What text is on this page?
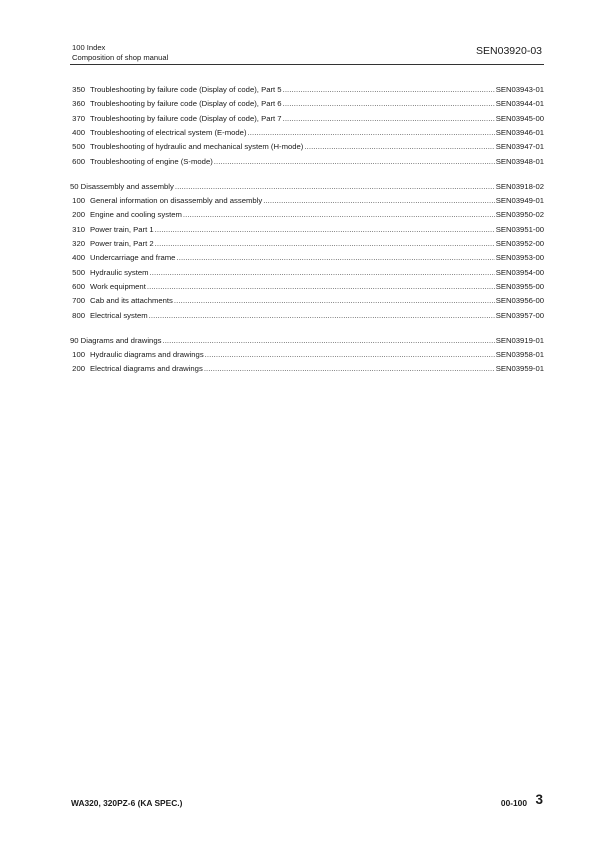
100 Index
Composition of shop manual	SEN03920-03
350 Troubleshooting by failure code (Display of code), Part 5 .....	SEN03943-01
360 Troubleshooting by failure code (Display of code), Part 6 .....	SEN03944-01
370 Troubleshooting by failure code (Display of code), Part 7 .....	SEN03945-00
400 Troubleshooting of electrical system (E-mode) .....	SEN03946-01
500 Troubleshooting of hydraulic and mechanical system (H-mode) .....	SEN03947-01
600 Troubleshooting of engine (S-mode) .....	SEN03948-01
50 Disassembly and assembly .....	SEN03918-02
100 General information on disassembly and assembly .....	SEN03949-01
200 Engine and cooling system .....	SEN03950-02
310 Power train, Part 1 .....	SEN03951-00
320 Power train, Part 2 .....	SEN03952-00
400 Undercarriage and frame .....	SEN03953-00
500 Hydraulic system .....	SEN03954-00
600 Work equipment .....	SEN03955-00
700 Cab and its attachments .....	SEN03956-00
800 Electrical system .....	SEN03957-00
90 Diagrams and drawings .....	SEN03919-01
100 Hydraulic diagrams and drawings .....	SEN03958-01
200 Electrical diagrams and drawings .....	SEN03959-01
WA320, 320PZ-6 (KA SPEC.)	00-100 3
